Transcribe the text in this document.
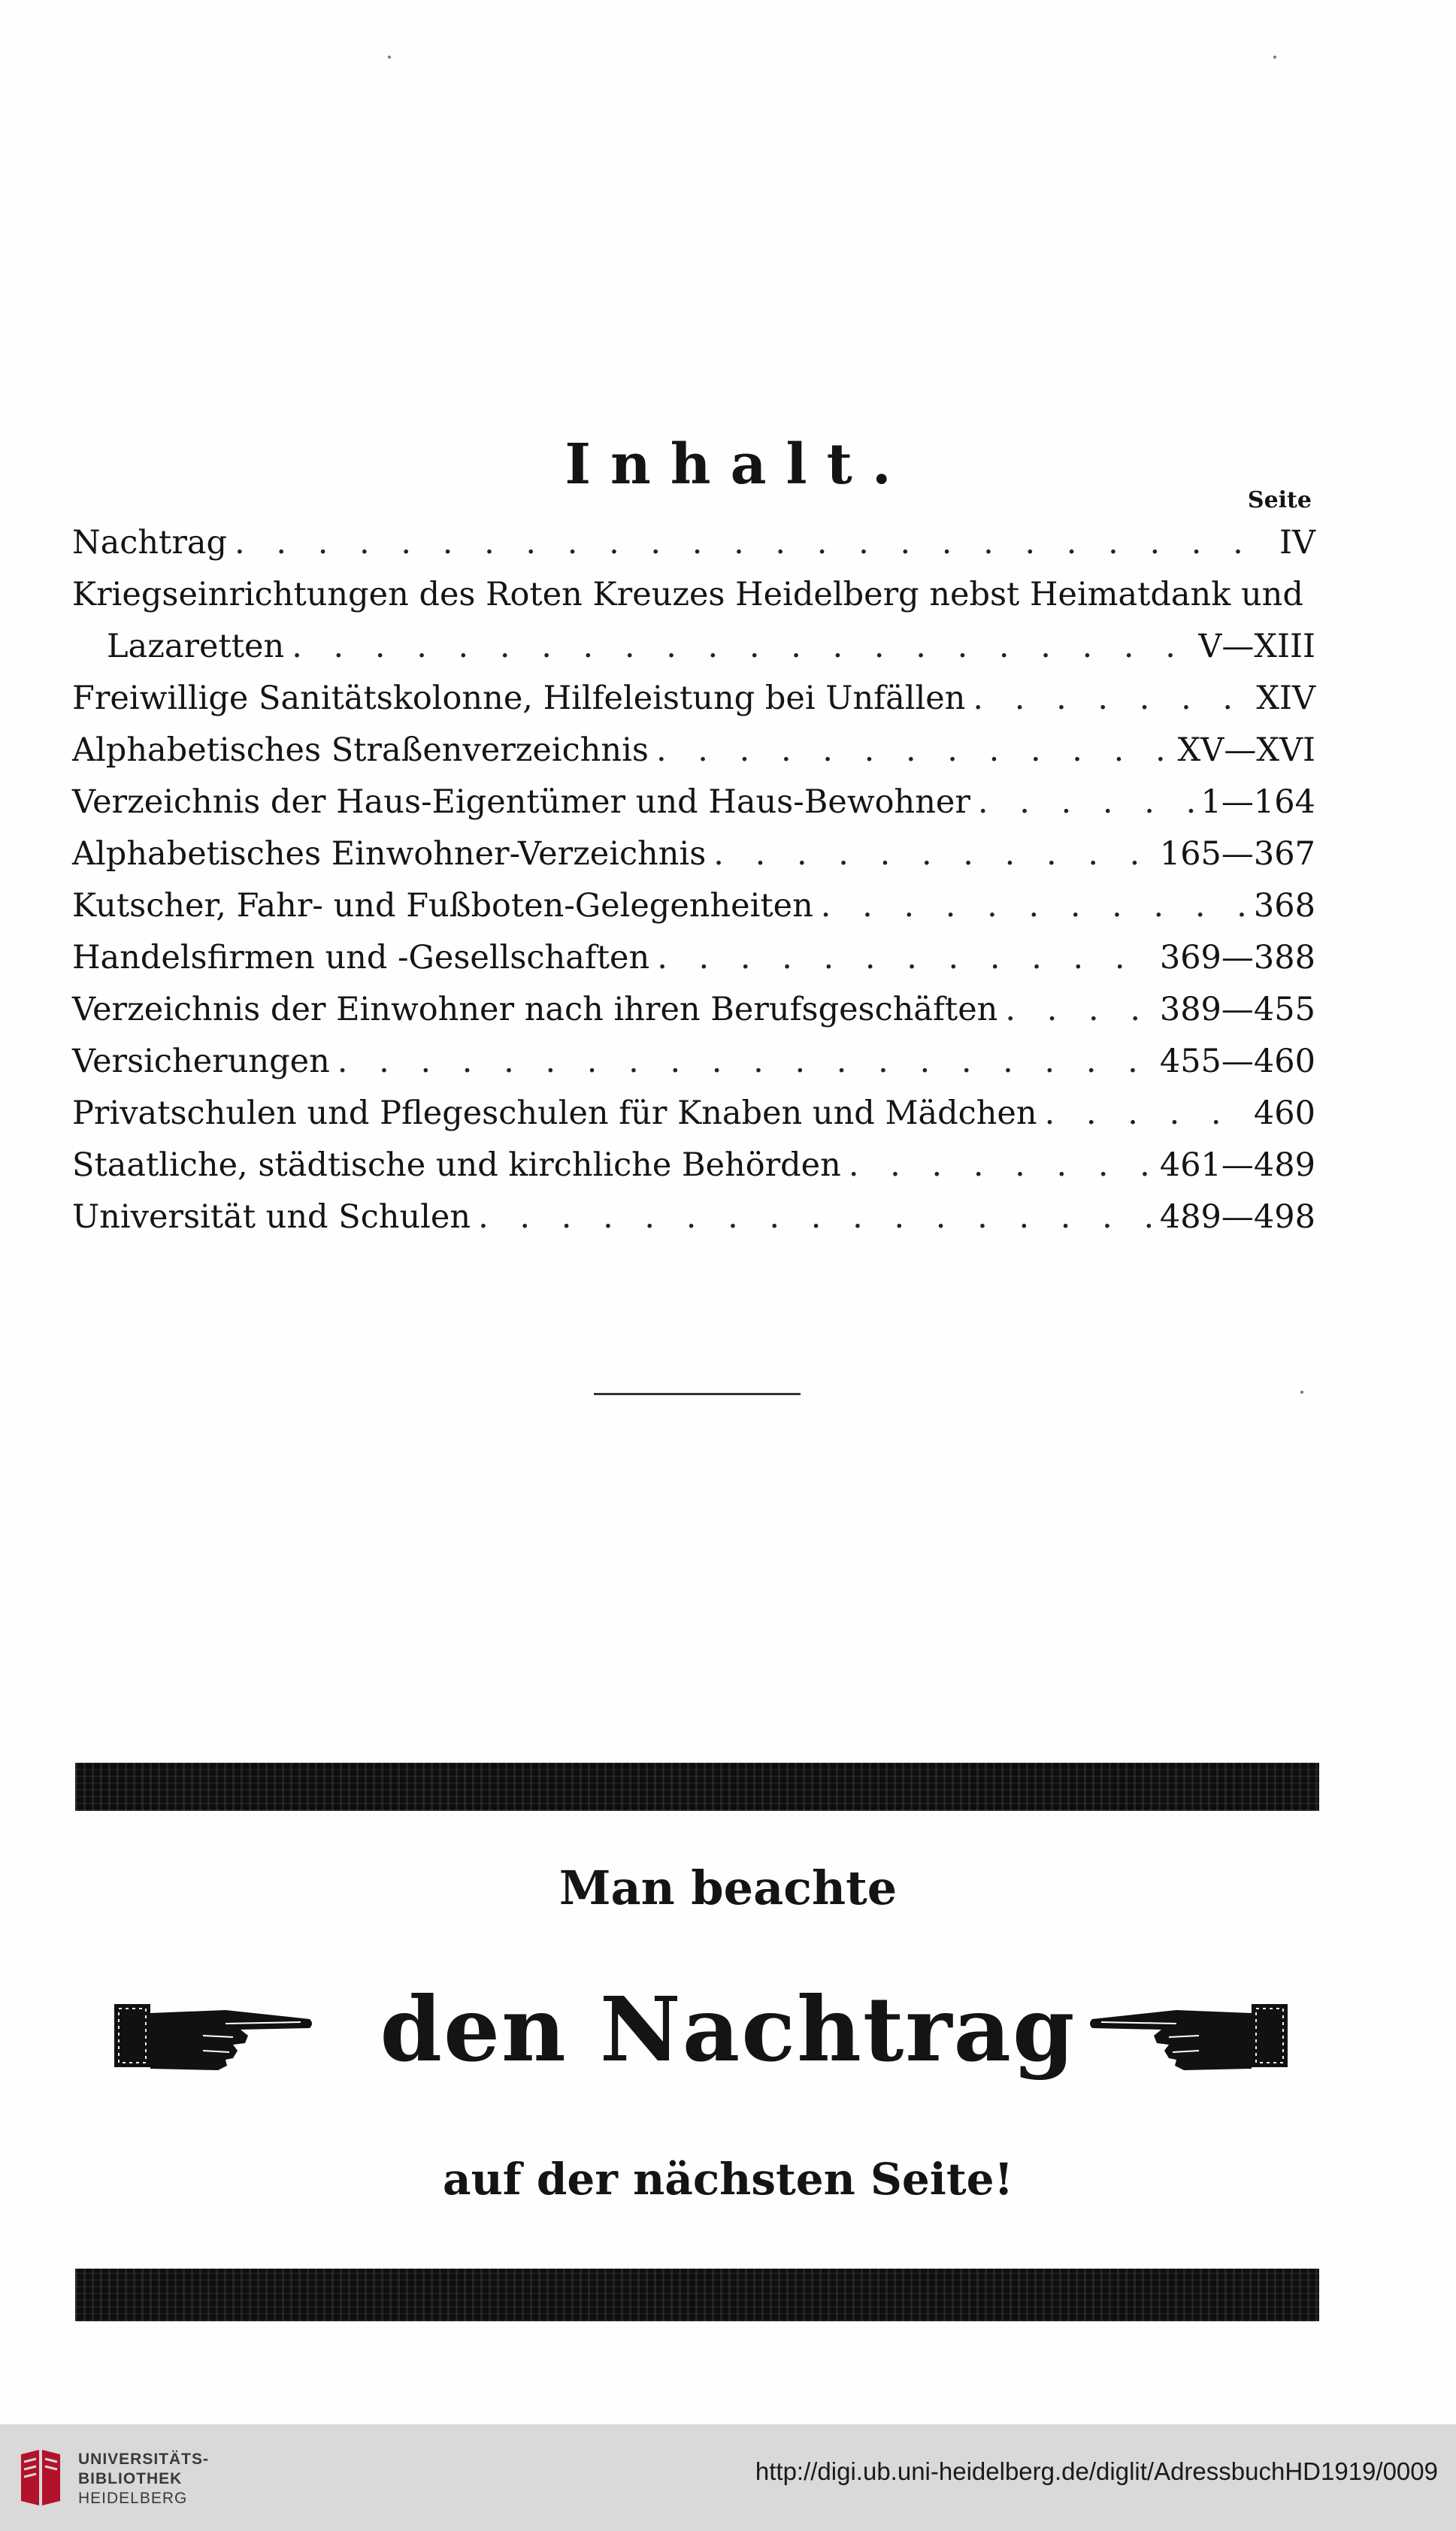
Inhalt.
Seite
Nachtrag . . .	IV
Kriegseinrichtungen des Roten Kreuzes Heidelberg nebst Heimatdank und
Lazaretten . . .	V—XIII
Freiwillige Sanitätskolonne, Hilfeleistung bei Unfällen . . .	XIV
Alphabetisches Straßenverzeichnis . . .	XV—XVI
Verzeichnis der Haus-Eigentümer und Haus-Bewohner . . .	1—164
Alphabetisches Einwohner-Verzeichnis . . .	165—367
Kutscher, Fahr- und Fußboten-Gelegenheiten . . .	368
Handelsfirmen und -Gesellschaften . . .	369—388
Verzeichnis der Einwohner nach ihren Berufsgeschäften . . .	389—455
Versicherungen . . .	455—460
Privatschulen und Pflegeschulen für Knaben und Mädchen . . .	460
Staatliche, städtische und kirchliche Behörden . . .	461—489
Universität und Schulen . . .	489—498
Man beachte
den Nachtrag
auf der nächsten Seite!
UNIVERSITÄTS-
BIBLIOTHEK
HEIDELBERG
http://digi.ub.uni-heidelberg.de/diglit/AdressbuchHD1919/0009
